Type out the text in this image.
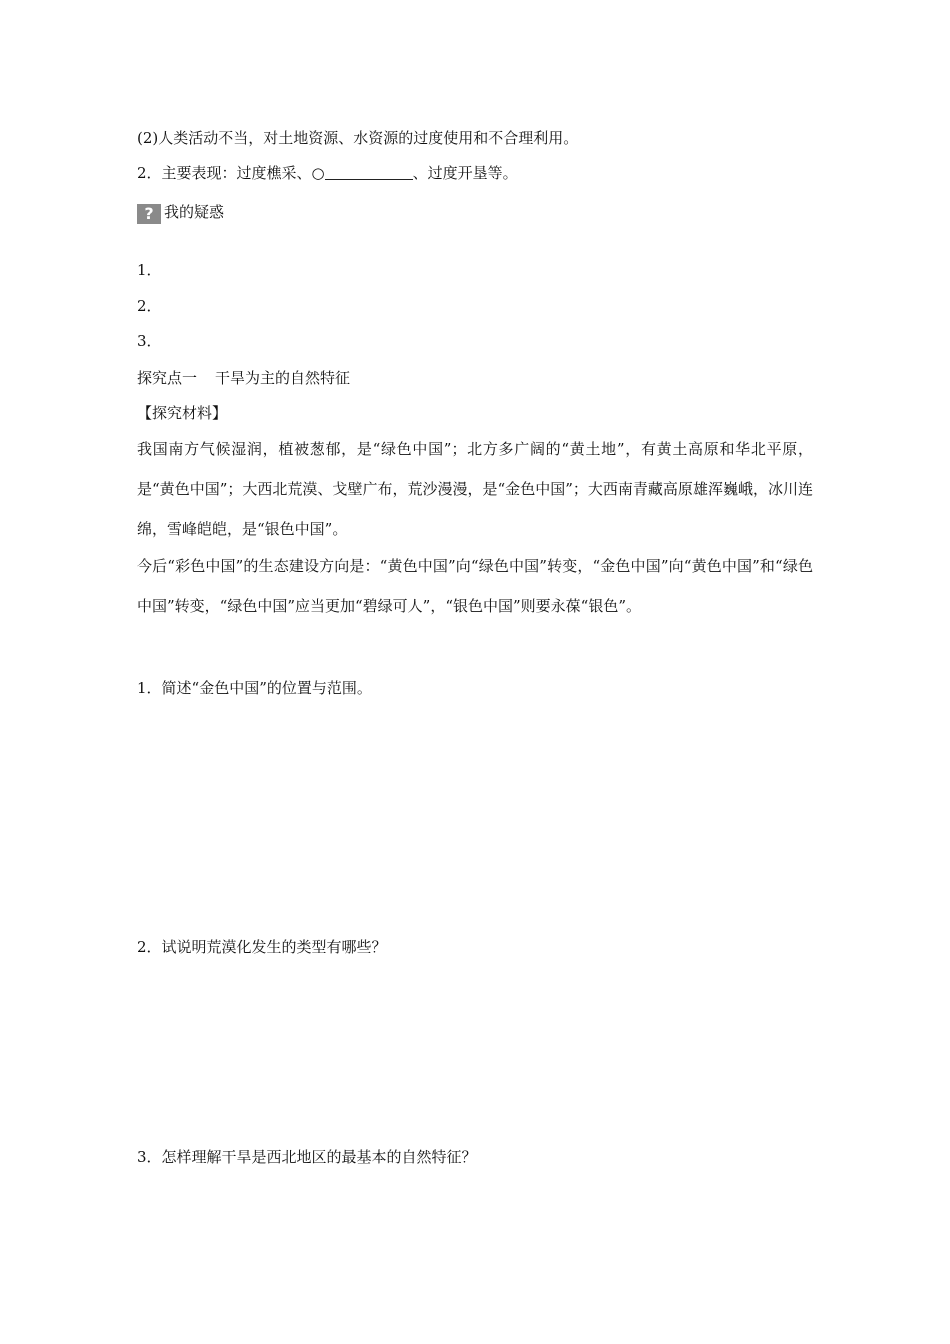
(2)人类活动不当，对土地资源、水资源的过度使用和不合理利用。
2．主要表现：过度樵采、○	、过度开垦等。
? 我的疑惑
1．
2．
3．
探究点一 干旱为主的自然特征
【探究材料】
我国南方气候湿润，植被葱郁，是“绿色中国”；北方多广阔的“黄土地”，有黄土高原和华北平原，是“黄色中国”；大西北荒漠、戈壁广布，荒沙漫漫，是“金色中国”；大西南青藏高原雄浑巍峨，冰川连绵，雪峰皑皑，是“银色中国”。
今后“彩色中国”的生态建设方向是：“黄色中国”向“绿色中国”转变，“金色中国”向“黄色中国”和“绿色中国”转变，“绿色中国”应当更加“碧绿可人”，“银色中国”则要永葆“银色”。
1．简述“金色中国”的位置与范围。
2．试说明荒漠化发生的类型有哪些？
3．怎样理解干旱是西北地区的最基本的自然特征？
